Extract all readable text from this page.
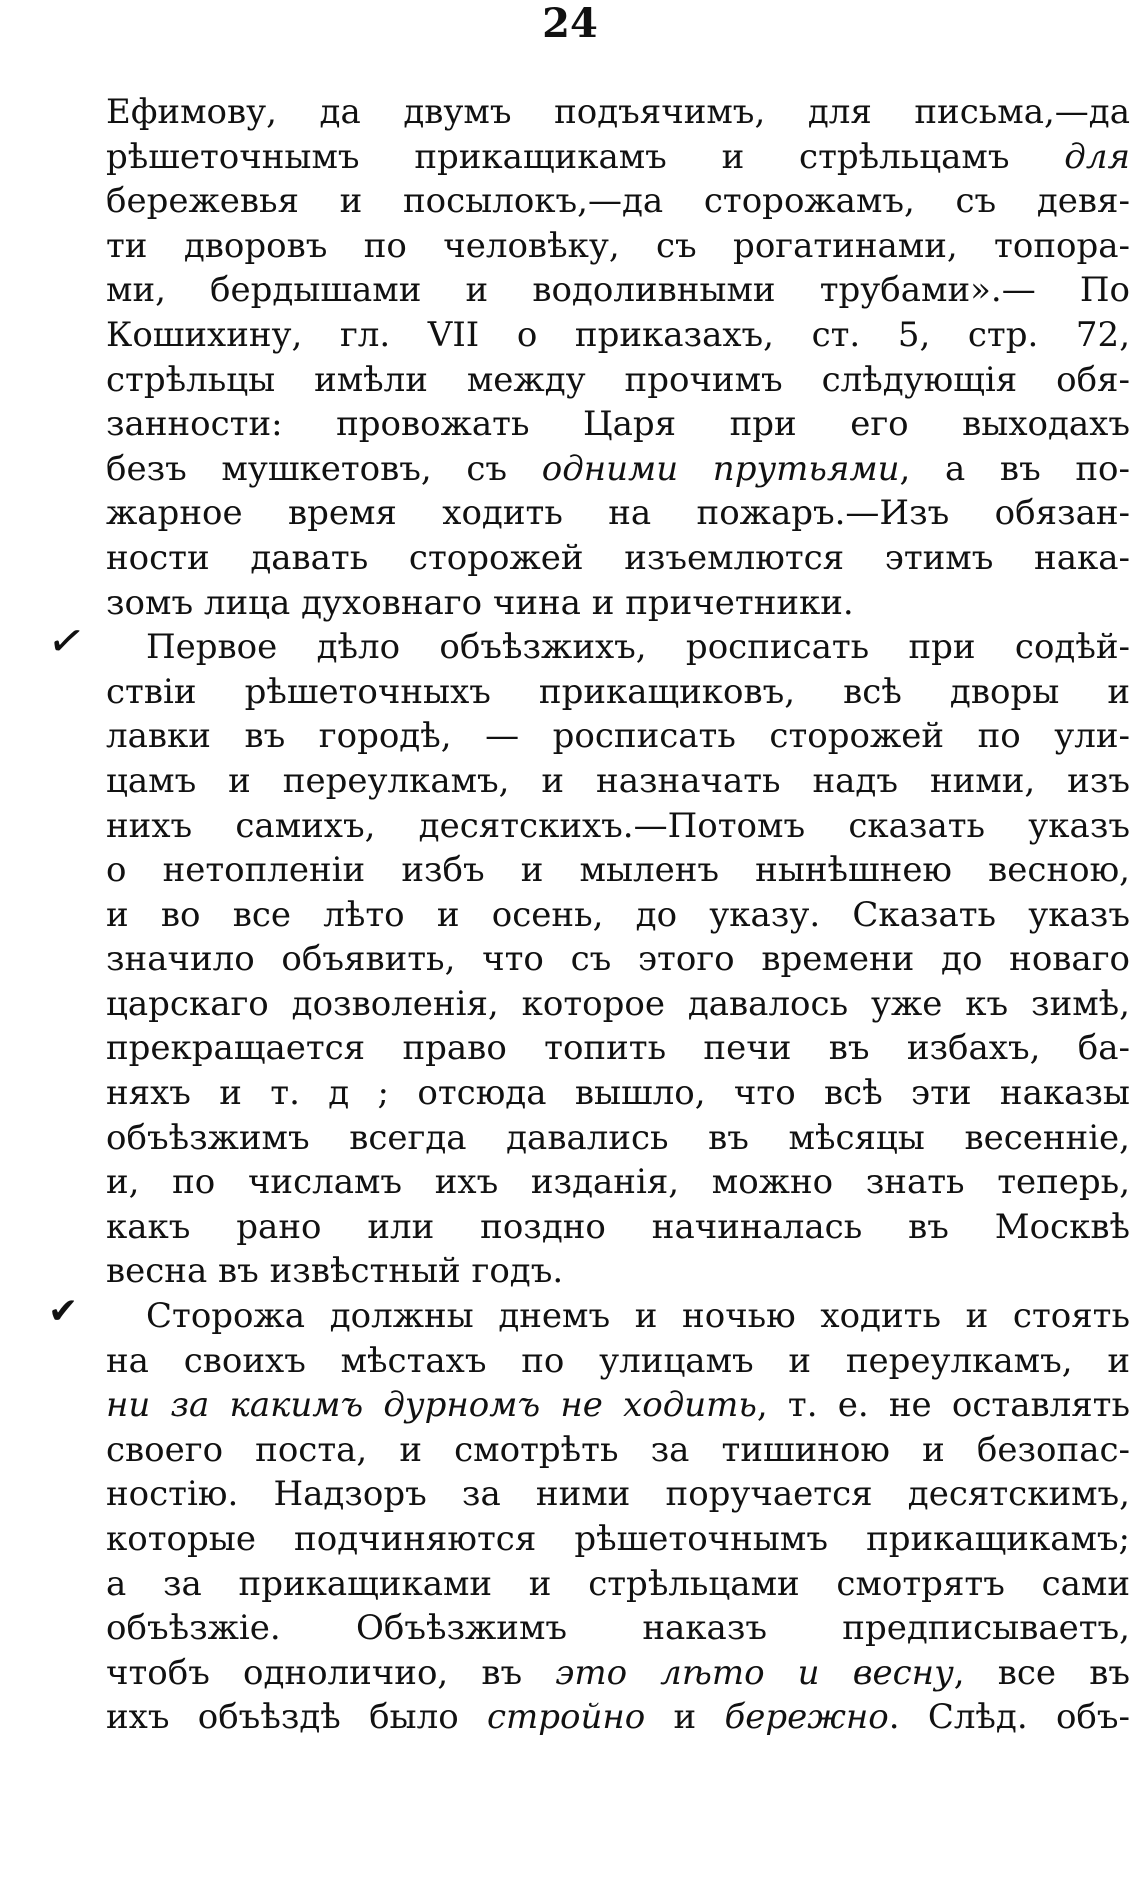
24
✓
✔
Ефимову, да двумъ подъячимъ, для письма,—да
рѣшеточнымъ прикащикамъ и стрѣльцамъ для
бережевья и посылокъ,—да сторожамъ, съ девя-
ти дворовъ по человѣку, съ рогатинами, топора-
ми, бердышами и водоливными трубами».— По
Кошихину, гл. VII о приказахъ, ст. 5, стр. 72,
стрѣльцы имѣли между прочимъ слѣдующія обя-
занности: провожать Царя при его выходахъ
безъ мушкетовъ, съ одними прутьями, а въ по-
жарное время ходить на пожаръ.—Изъ обязан-
ности давать сторожей изъемлются этимъ нака-
зомъ лица духовнаго чина и причетники.
Первое дѣло объѣзжихъ, росписать при содѣй-
ствіи рѣшеточныхъ прикащиковъ, всѣ дворы и
лавки въ городѣ, — росписать сторожей по ули-
цамъ и переулкамъ, и назначать надъ ними, изъ
нихъ самихъ, десятскихъ.—Потомъ сказать указъ
о нетопленіи избъ и мыленъ нынѣшнею весною,
и во все лѣто и осень, до указу. Сказать указъ
значило объявить, что съ этого времени до новаго
царскаго дозволенія, которое давалось уже къ зимѣ,
прекращается право топить печи въ избахъ, ба-
няхъ и т. д ; отсюда вышло, что всѣ эти наказы
объѣзжимъ всегда давались въ мѣсяцы весенніе,
и, по числамъ ихъ изданія, можно знать теперь,
какъ рано или поздно начиналась въ Москвѣ
весна въ извѣстный годъ.
Сторожа должны днемъ и ночью ходить и стоять
на своихъ мѣстахъ по улицамъ и переулкамъ, и
ни за какимъ дурномъ не ходить, т. е. не оставлять
своего поста, и смотрѣть за тишиною и безопас-
ностію. Надзоръ за ними поручается десятскимъ,
которые подчиняются рѣшеточнымъ прикащикамъ;
а за прикащиками и стрѣльцами смотрятъ сами
объѣзжіе. Объѣзжимъ наказъ предписываетъ,
чтобъ одноличио, въ это лѣто и весну, все въ
ихъ объѣздѣ было стройно и бережно. Слѣд. объ-
